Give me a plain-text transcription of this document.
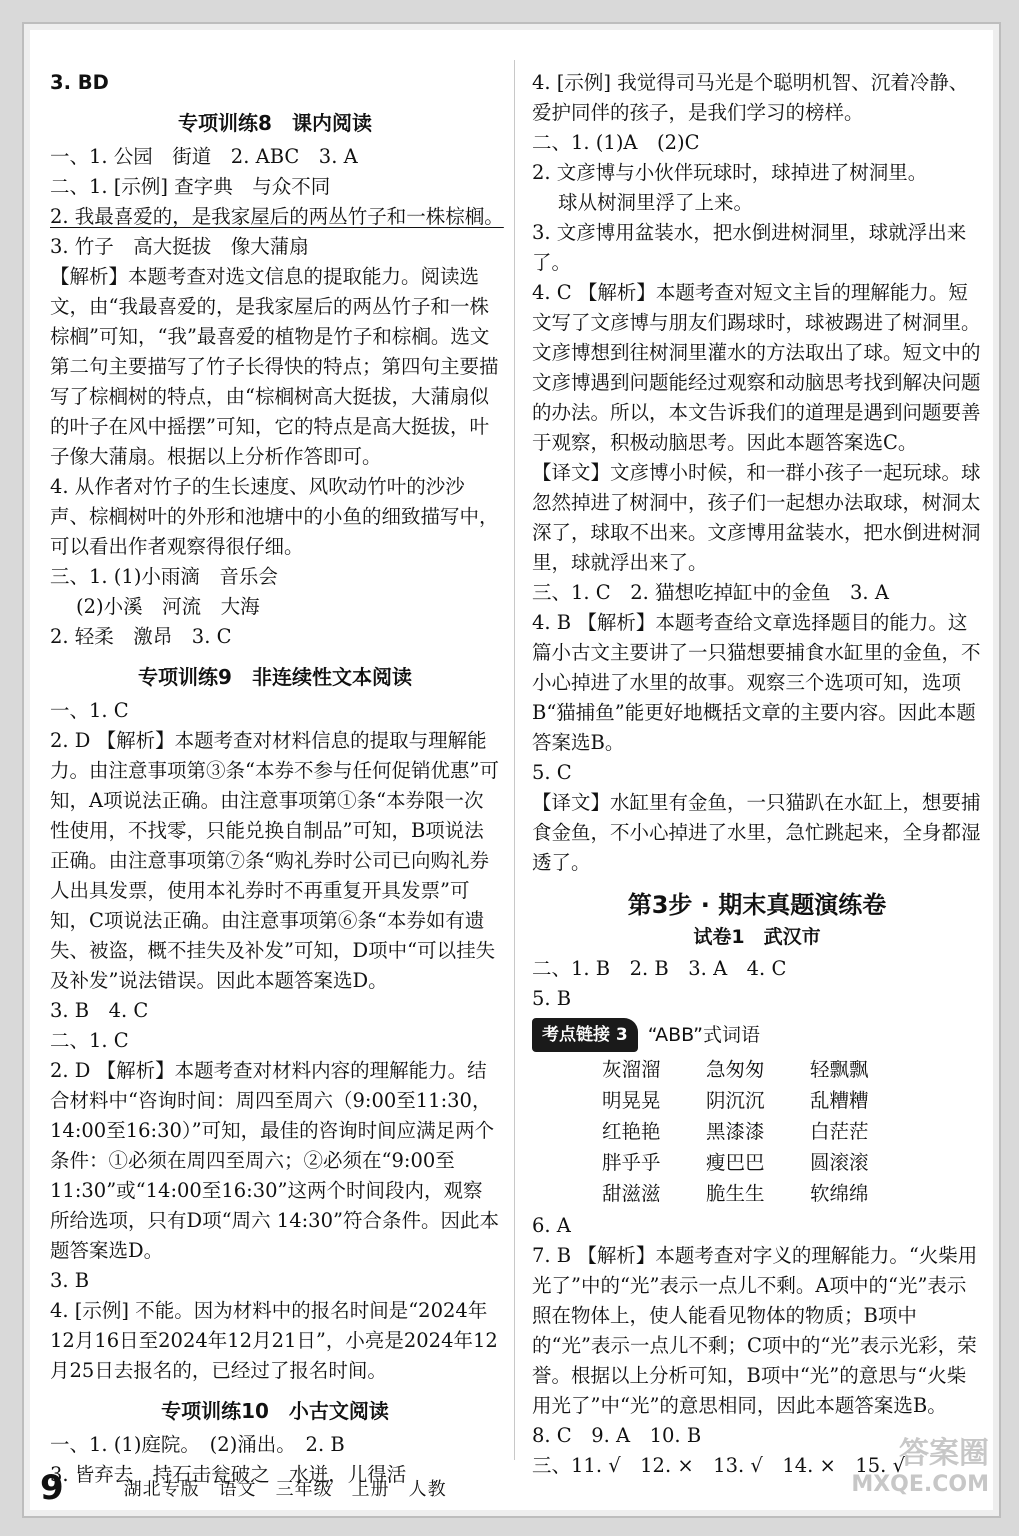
3. BD
专项训练8　课内阅读
一、1. 公园　街道　2. ABC　3. A
二、1. [示例] 查字典　与众不同
2. 我最喜爱的，是我家屋后的两丛竹子和一株棕榈。
3. 竹子　高大挺拔　像大蒲扇
【解析】本题考查对选文信息的提取能力。阅读选文，由“我最喜爱的，是我家屋后的两丛竹子和一株棕榈”可知，“我”最喜爱的植物是竹子和棕榈。选文第二句主要描写了竹子长得快的特点；第四句主要描写了棕榈树的特点，由“棕榈树高大挺拔，大蒲扇似的叶子在风中摇摆”可知，它的特点是高大挺拔，叶子像大蒲扇。根据以上分析作答即可。
4. 从作者对竹子的生长速度、风吹动竹叶的沙沙声、棕榈树叶的外形和池塘中的小鱼的细致描写中，可以看出作者观察得很仔细。
三、1. (1)小雨滴　音乐会
(2)小溪　河流　大海
2. 轻柔　激昂　3. C
专项训练9　非连续性文本阅读
一、1. C
2. D 【解析】本题考查对材料信息的提取与理解能力。由注意事项第③条“本券不参与任何促销优惠”可知，A项说法正确。由注意事项第①条“本券限一次性使用，不找零，只能兑换自制品”可知，B项说法正确。由注意事项第⑦条“购礼券时公司已向购礼券人出具发票，使用本礼券时不再重复开具发票”可知，C项说法正确。由注意事项第⑥条“本券如有遗失、被盗，概不挂失及补发”可知，D项中“可以挂失及补发”说法错误。因此本题答案选D。
3. B　4. C
二、1. C
2. D 【解析】本题考查对材料内容的理解能力。结合材料中“咨询时间：周四至周六（9:00至11:30，14:00至16:30）”可知，最佳的咨询时间应满足两个条件：①必须在周四至周六；②必须在“9:00至11:30”或“14:00至16:30”这两个时间段内，观察所给选项，只有D项“周六 14:30”符合条件。因此本题答案选D。
3. B
4. [示例] 不能。因为材料中的报名时间是“2024年12月16日至2024年12月21日”，小亮是2024年12月25日去报名的，已经过了报名时间。
专项训练10　小古文阅读
一、1. (1)庭院。　(2)涌出。　2. B
3. 皆弃去　持石击瓮破之　水迸，儿得活
4. [示例] 我觉得司马光是个聪明机智、沉着冷静、爱护同伴的孩子，是我们学习的榜样。
二、1. (1)A　(2)C
2. 文彦博与小伙伴玩球时，球掉进了树洞里。
球从树洞里浮了上来。
3. 文彦博用盆装水，把水倒进树洞里，球就浮出来了。
4. C 【解析】本题考查对短文主旨的理解能力。短文写了文彦博与朋友们踢球时，球被踢进了树洞里。文彦博想到往树洞里灌水的方法取出了球。短文中的文彦博遇到问题能经过观察和动脑思考找到解决问题的办法。所以，本文告诉我们的道理是遇到问题要善于观察，积极动脑思考。因此本题答案选C。
【译文】文彦博小时候，和一群小孩子一起玩球。球忽然掉进了树洞中，孩子们一起想办法取球，树洞太深了，球取不出来。文彦博用盆装水，把水倒进树洞里，球就浮出来了。
三、1. C　2. 猫想吃掉缸中的金鱼　3. A
4. B 【解析】本题考查给文章选择题目的能力。这篇小古文主要讲了一只猫想要捕食水缸里的金鱼，不小心掉进了水里的故事。观察三个选项可知，选项B“猫捕鱼”能更好地概括文章的主要内容。因此本题答案选B。
5. C
【译文】水缸里有金鱼，一只猫趴在水缸上，想要捕食金鱼，不小心掉进了水里，急忙跳起来，全身都湿透了。
第3步 · 期末真题演练卷
试卷1　武汉市
二、1. B　2. B　3. A　4. C
5. B
考点链接 3	“ABB”式词语
灰溜溜	急匆匆	轻飘飘
明晃晃	阴沉沉	乱糟糟
红艳艳	黑漆漆	白茫茫
胖乎乎	瘦巴巴	圆滚滚
甜滋滋	脆生生	软绵绵
6. A
7. B 【解析】本题考查对字义的理解能力。“火柴用光了”中的“光”表示一点儿不剩。A项中的“光”表示照在物体上，使人能看见物体的物质；B项中的“光”表示一点儿不剩；C项中的“光”表示光彩，荣誉。根据以上分析可知，B项中“光”的意思与“火柴用光了”中“光”的意思相同，因此本题答案选B。
8. C　9. A　10. B
三、11. √　12. ×　13. √　14. ×　15. √
9	湖北专版　语文　三年级　上册　人教
答案圈
MXQE.COM
